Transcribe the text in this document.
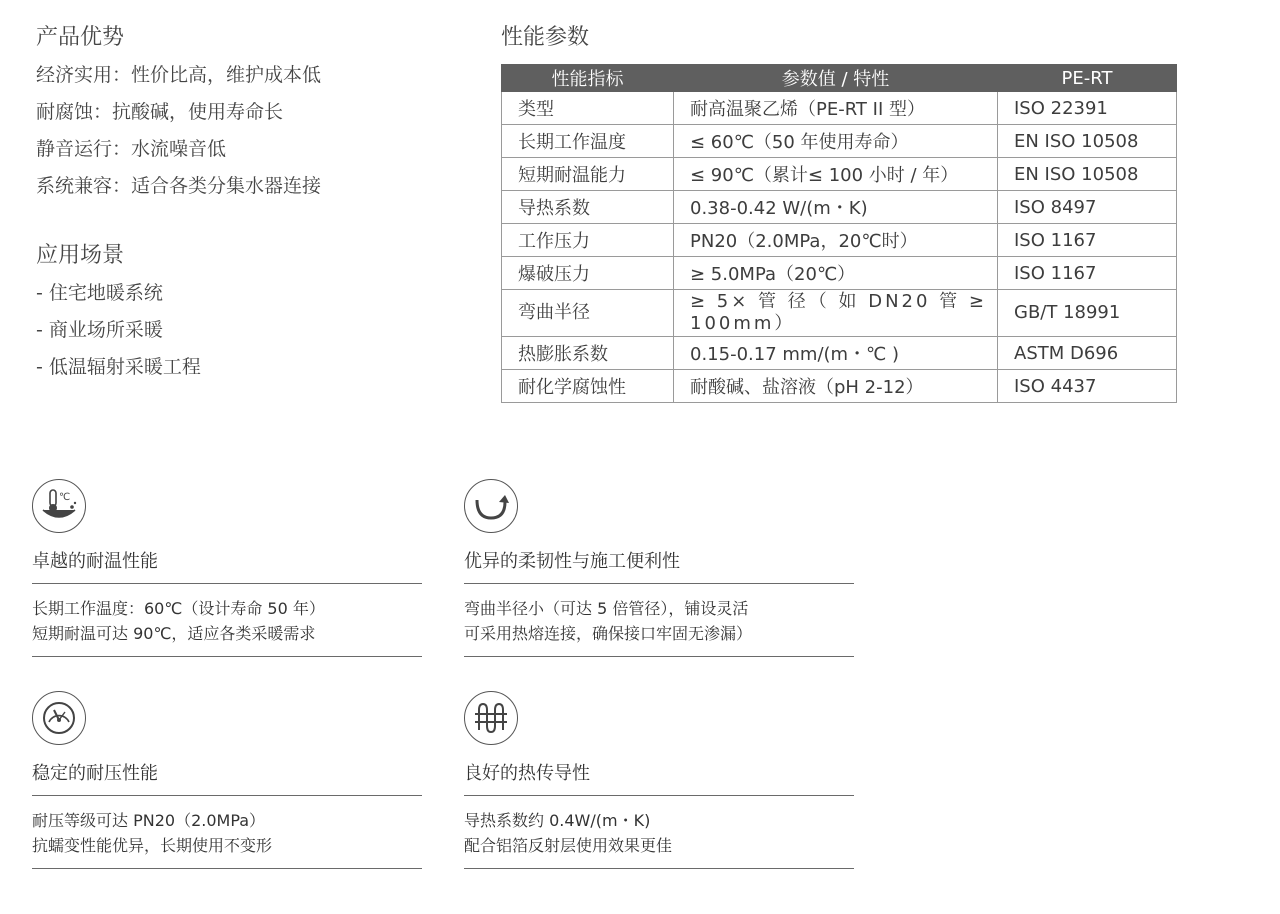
产品优势

经济实用：性价比高，维护成本低

耐腐蚀：抗酸碱，使用寿命长

静音运行：水流噪音低

系统兼容：适合各类分集水器连接

应用场景

- 住宅地暖系统

- 商业场所采暖

- 低温辐射采暖工程

性能参数
性能指标	参数值 / 特性	PE-RT
类型	耐高温聚乙烯（PE-RT II 型）	ISO 22391
长期工作温度	≤ 60℃（50 年使用寿命）	EN ISO 10508
短期耐温能力	≤ 90℃（累计≤ 100 小时 / 年）	EN ISO 10508
导热系数	0.38-0.42 W/(m・K)	ISO 8497
工作压力	PN20（2.0MPa，20℃时）	ISO 1167
爆破压力	≥ 5.0MPa（20℃）	ISO 1167
弯曲半径	≥ 5× 管 径（ 如 DN20 管 ≥ 100mm）	GB/T 18991
热膨胀系数	0.15-0.17 mm/(m・℃ )	ASTM D696
耐化学腐蚀性	耐酸碱、盐溶液（pH 2-12）	ISO 4437
℃
卓越的耐温性能
长期工作温度：60℃（设计寿命 50 年）
短期耐温可达 90℃，适应各类采暖需求
优异的柔韧性与施工便利性
弯曲半径小（可达 5 倍管径），铺设灵活
可采用热熔连接，确保接口牢固无渗漏）
稳定的耐压性能
耐压等级可达 PN20（2.0MPa）
抗蠕变性能优异，长期使用不变形
良好的热传导性
导热系数约 0.4W/(m・K)
配合铝箔反射层使用效果更佳
